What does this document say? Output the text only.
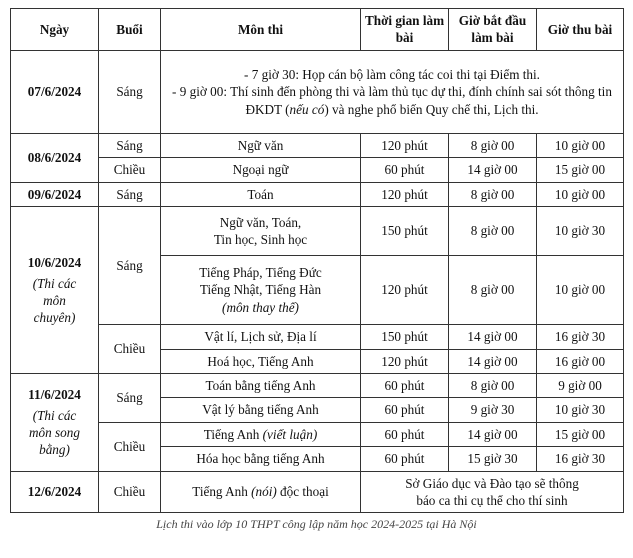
Ngày	Buổi	Môn thi	Thời gian làm bài	Giờ bắt đầu làm bài	Giờ thu bài
07/6/2024	Sáng	- 7 giờ 30: Họp cán bộ làm công tác coi thi tại Điểm thi.
- 9 giờ 00: Thí sinh đến phòng thi và làm thủ tục dự thi, đính chính sai sót thông tin ĐKDT (nếu có) và nghe phổ biến Quy chế thi, Lịch thi.			

08/6/2024	Sáng	Ngữ văn	120 phút	8 giờ 00	10 giờ 00
	Chiều	Ngoại ngữ	60 phút	14 giờ 00	15 giờ 00
09/6/2024	Sáng	Toán	120 phút	8 giờ 00	10 giờ 00
10/6/2024
(Thi các
môn
chuyên)	Sáng	Ngữ văn, Toán,
Tin học, Sinh học	150 phút	8 giờ 00	10 giờ 30

		Tiếng Pháp, Tiếng Đức
Tiếng Nhật, Tiếng Hàn
(môn thay thế)	120 phút	8 giờ 00	10 giờ 00
	Chiều	Vật lí, Lịch sử, Địa lí	150 phút	14 giờ 00	16 giờ 30
		Hoá học, Tiếng Anh	120 phút	14 giờ 00	16 giờ 00
11/6/2024
(Thi các
môn song
bằng)	Sáng	Toán bằng tiếng Anh	60 phút	8 giờ 00	9 giờ 00
		Vật lý bằng tiếng Anh	60 phút	9 giờ 30	10 giờ 30
	Chiều	Tiếng Anh (viết luận)	60 phút	14 giờ 00	15 giờ 00
		Hóa học bằng tiếng Anh	60 phút	15 giờ 30	16 giờ 30
12/6/2024	Chiều	Tiếng Anh (nói) độc thoại	Sở Giáo dục và Đào tạo sẽ thông
báo ca thi cụ thể cho thí sinh		
Lịch thi vào lớp 10 THPT công lập năm học 2024-2025 tại Hà Nội
